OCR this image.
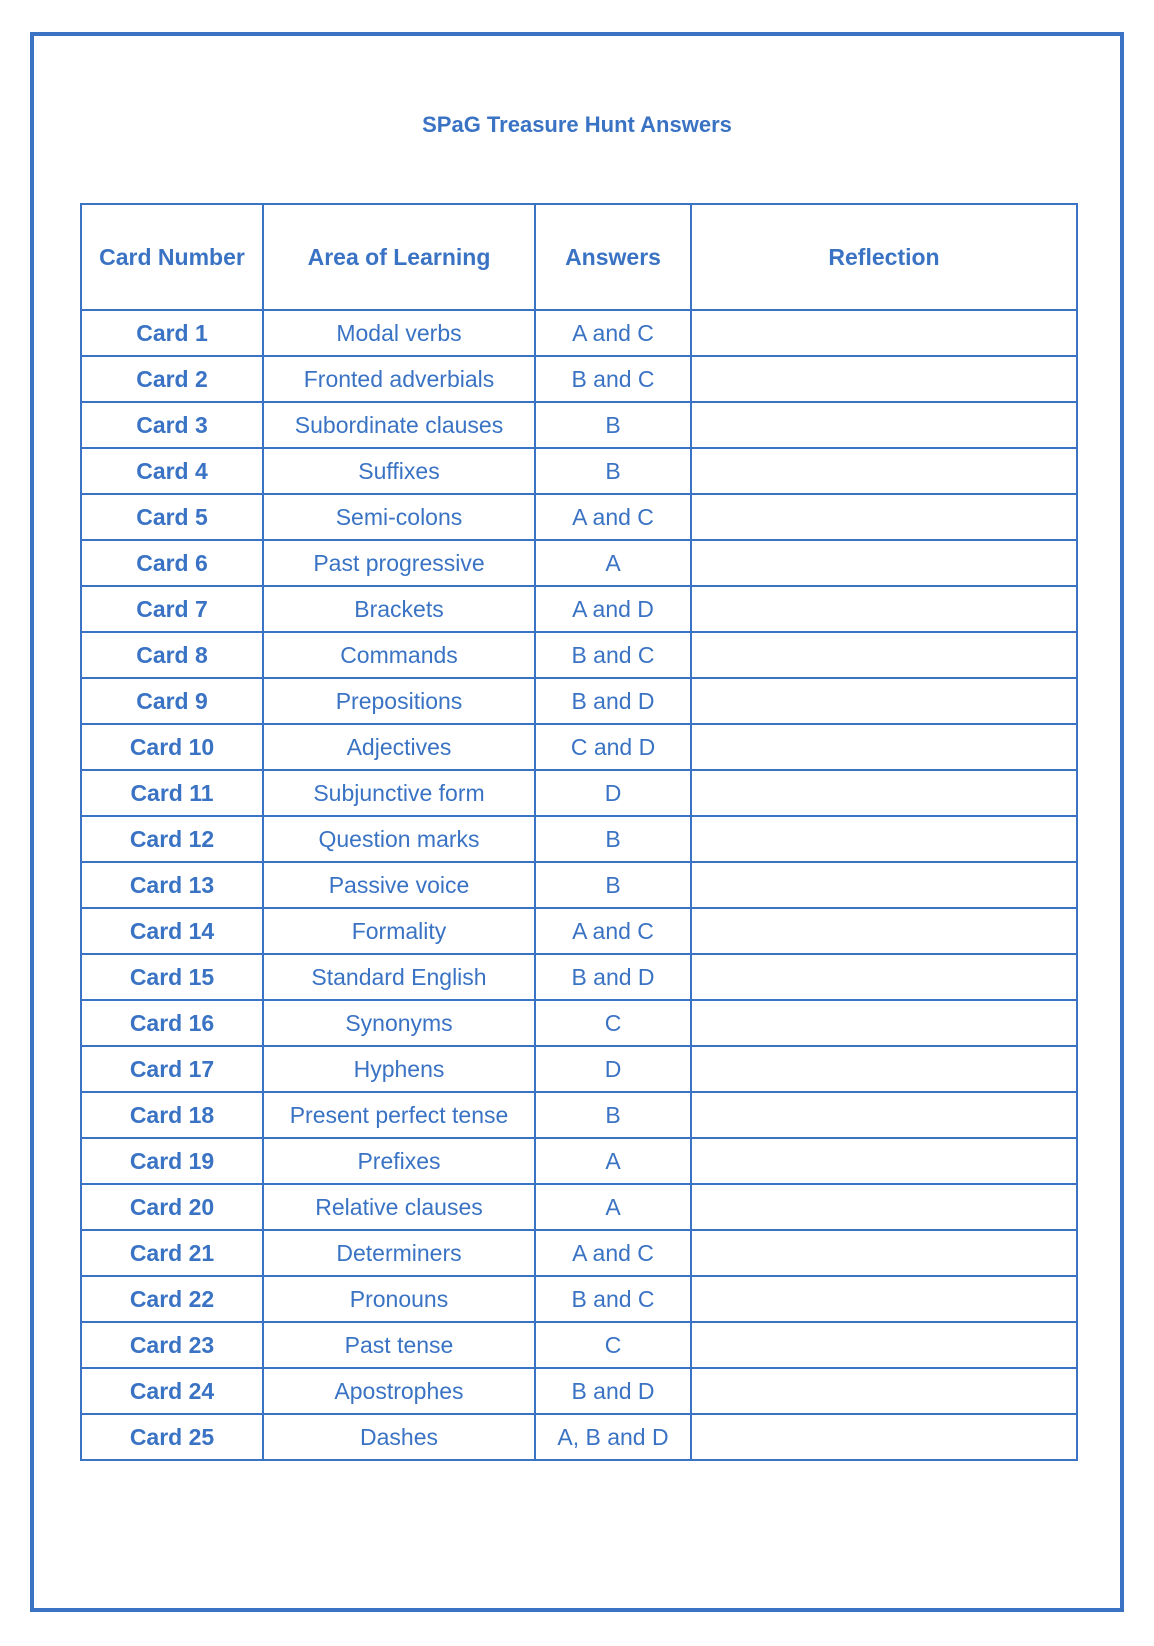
SPaG Treasure Hunt Answers
Card Number	Area of Learning	Answers	Reflection
Card 1	Modal verbs	A and C	
Card 2	Fronted adverbials	B and C	
Card 3	Subordinate clauses	B	
Card 4	Suffixes	B	
Card 5	Semi-colons	A and C	
Card 6	Past progressive	A	
Card 7	Brackets	A and D	
Card 8	Commands	B and C	
Card 9	Prepositions	B and D	
Card 10	Adjectives	C and D	
Card 11	Subjunctive form	D	
Card 12	Question marks	B	
Card 13	Passive voice	B	
Card 14	Formality	A and C	
Card 15	Standard English	B and D	
Card 16	Synonyms	C	
Card 17	Hyphens	D	
Card 18	Present perfect tense	B	
Card 19	Prefixes	A	
Card 20	Relative clauses	A	
Card 21	Determiners	A and C	
Card 22	Pronouns	B and C	
Card 23	Past tense	C	
Card 24	Apostrophes	B and D	
Card 25	Dashes	A, B and D	
